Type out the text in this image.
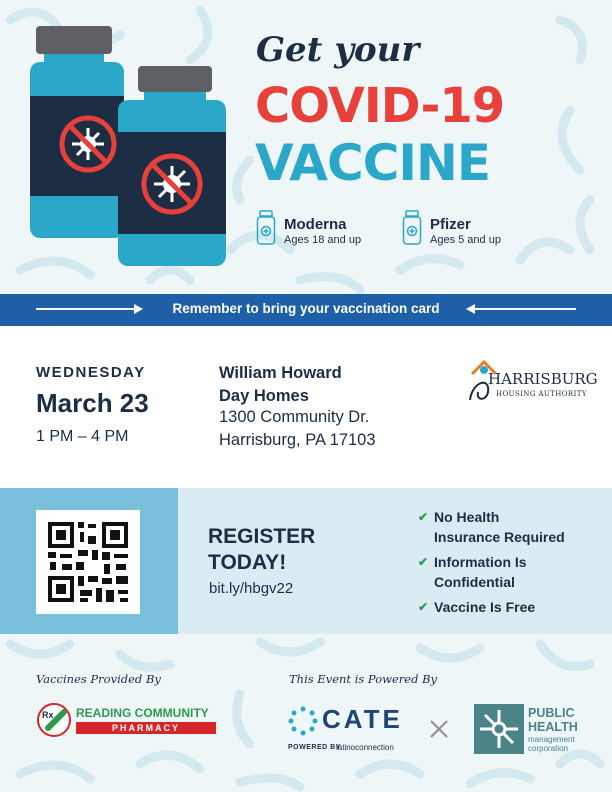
Get your
COVID-19
VACCINE
Moderna
Ages 18 and up
Pfizer
Ages 5 and up
Remember to bring your vaccination card
WEDNESDAY
March 23
1 PM – 4 PM
William Howard
Day Homes
1300 Community Dr.
Harrisburg, PA 17103
HARRISBURG
HOUSING AUTHORITY
REGISTER
TODAY!
bit.ly/hbgv22
✔ No Health
Insurance Required
✔ Information Is
Confidential
✔ Vaccine Is Free
Vaccines Provided By	This Event is Powered By
Rx READING COMMUNITY
PHARMACY	CATE
POWERED BY
latinoconnection
PUBLIC
HEALTH
management
corporation
